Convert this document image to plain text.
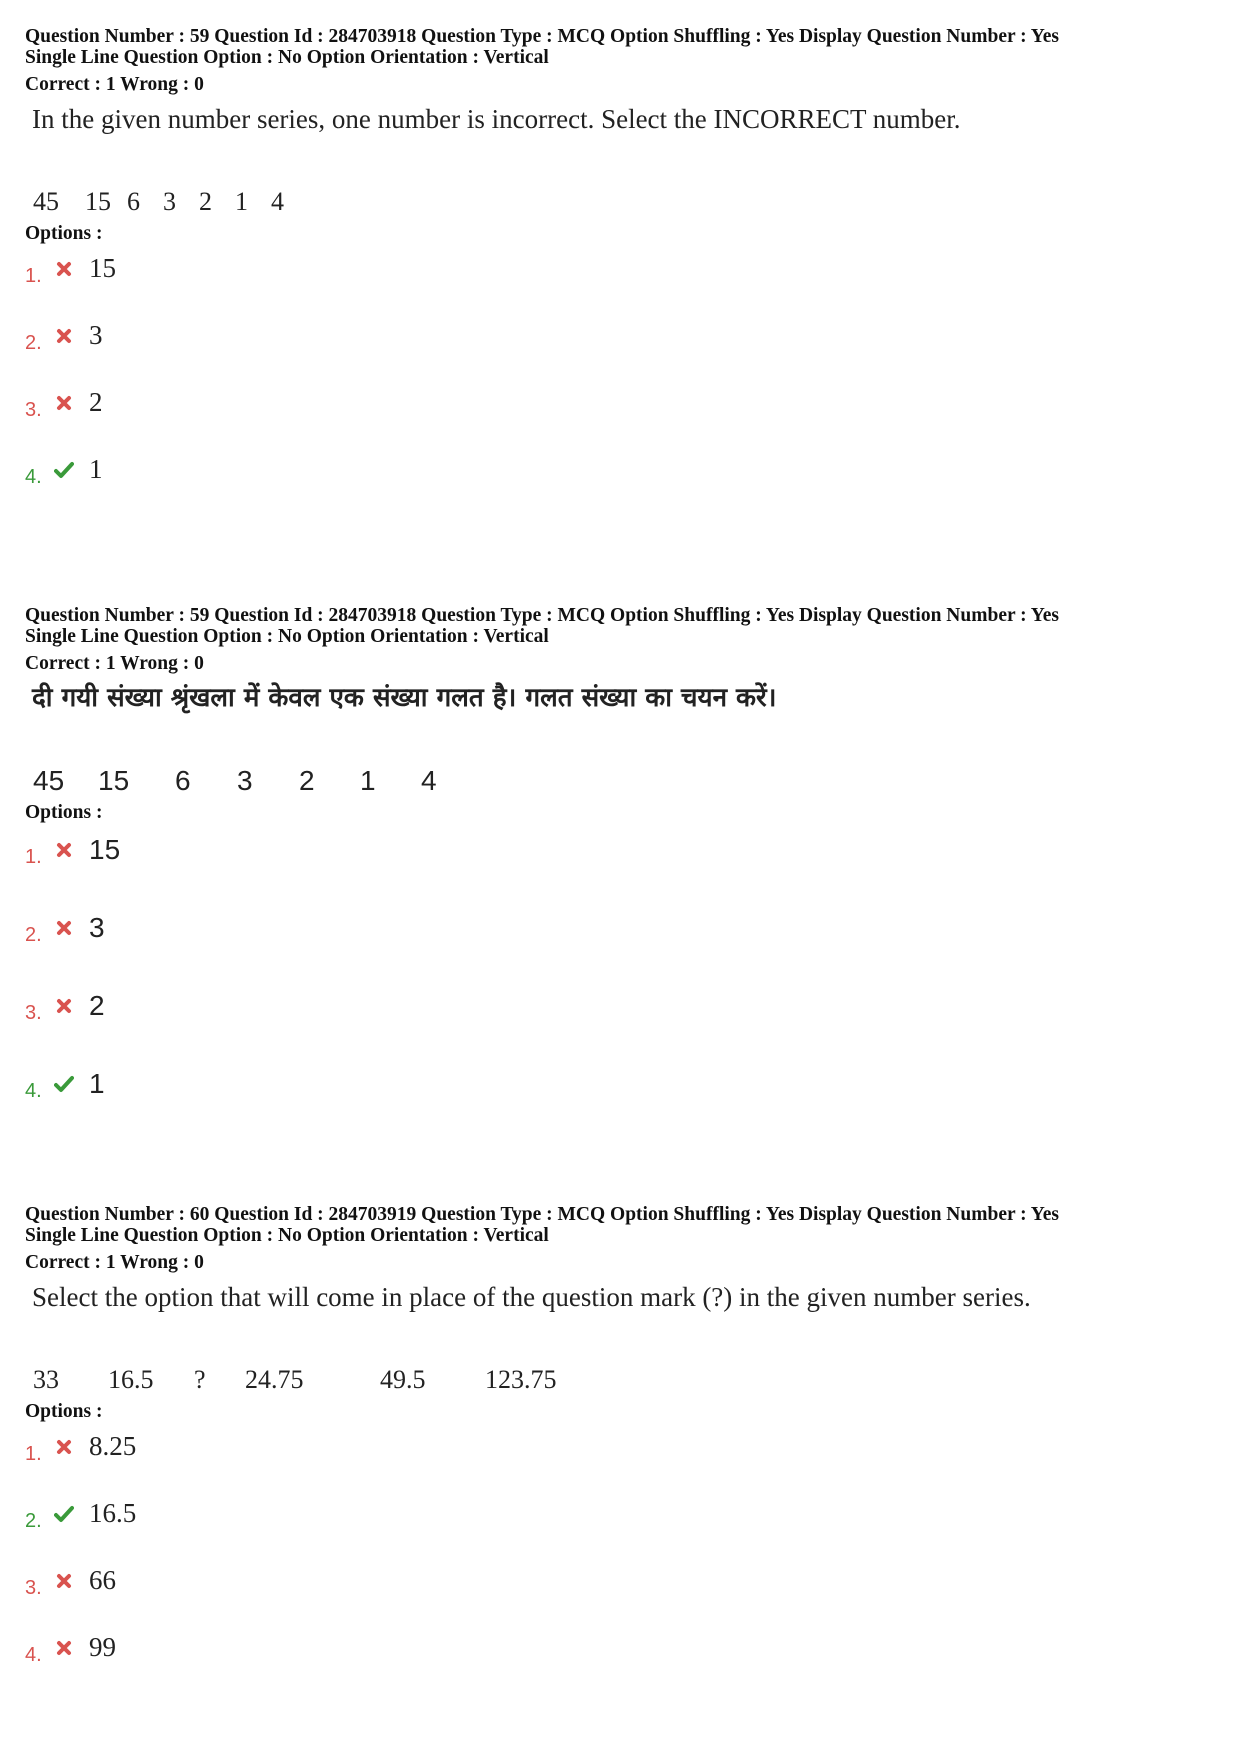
Question Number : 59 Question Id : 284703918 Question Type : MCQ Option Shuffling : Yes Display Question Number : Yes
Single Line Question Option : No Option Orientation : Vertical
Correct : 1 Wrong : 0
In the given number series, one number is incorrect. Select the INCORRECT number.
45	15 6 3 2 1 4
Options :
1. 15
2. 3
3. 2
4. 1
Question Number : 59 Question Id : 284703918 Question Type : MCQ Option Shuffling : Yes Display Question Number : Yes
Single Line Question Option : No Option Orientation : Vertical
Correct : 1 Wrong : 0
दी गयी संख्या श्रृंखला में केवल एक संख्या गलत है। गलत संख्या का चयन करें।
45	15	6	3	2	1	4
Options :
1. 15
2. 3
3. 2
4. 1
Question Number : 60 Question Id : 284703919 Question Type : MCQ Option Shuffling : Yes Display Question Number : Yes
Single Line Question Option : No Option Orientation : Vertical
Correct : 1 Wrong : 0
Select the option that will come in place of the question mark (?) in the given number series.
33	16.5	?	24.75	49.5	123.75
Options :
1. 8.25
2. 16.5
3. 66
4. 99
